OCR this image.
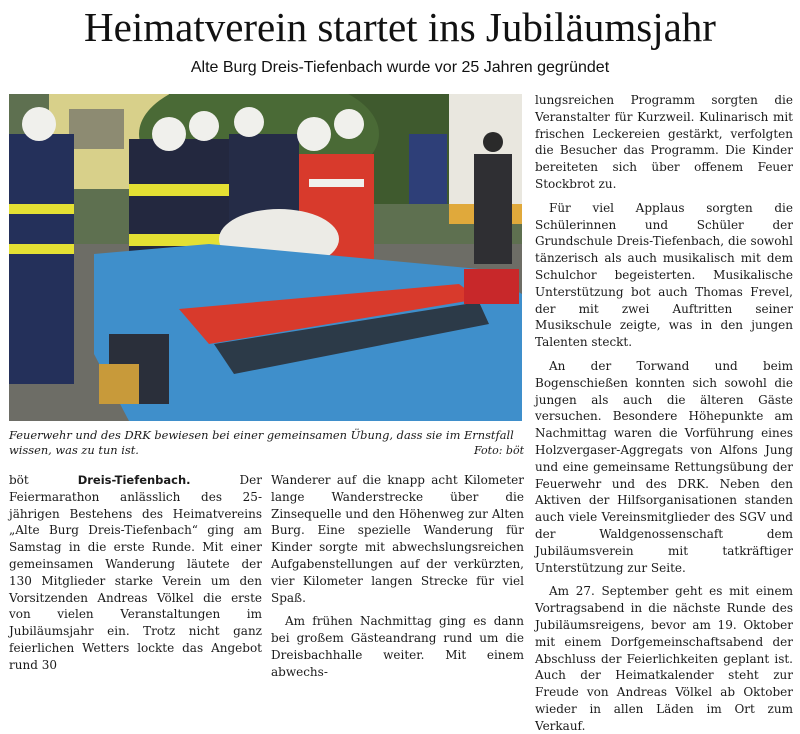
Heimatverein startet ins Jubiläumsjahr
Alte Burg Dreis-Tiefenbach wurde vor 25 Jahren gegründet
Feuerwehr und des DRK bewiesen bei einer gemeinsamen Übung, dass sie im Ernstfall wissen, was zu tun ist.	Foto: böt

böt	Dreis-Tiefenbach.	Der Feiermarathon anlässlich des 25-jährigen Bestehens des Heimatvereins „Alte Burg Dreis-Tiefenbach“ ging am Samstag in die erste Runde. Mit einer gemeinsamen Wanderung läutete der 130 Mitglieder starke Verein um den Vorsitzenden Andreas Völkel die erste von vielen Veranstaltungen im Jubiläumsjahr ein. Trotz nicht ganz feierlichen Wetters lockte das Angebot rund 30

Wanderer auf die knapp acht Kilometer lange Wanderstrecke über die Zinsequelle und den Höhenweg zur Alten Burg. Eine spezielle Wanderung für Kinder sorgte mit abwechslungsreichen Aufgabenstellungen auf der verkürzten, vier Kilometer langen Strecke für viel Spaß.

Am frühen Nachmittag ging es dann bei großem Gästeandrang rund um die Dreisbachhalle weiter. Mit einem abwechs-

lungsreichen Programm sorgten die Veranstalter für Kurzweil. Kulinarisch mit frischen Leckereien gestärkt, verfolgten die Besucher das Programm. Die Kinder bereiteten sich über offenem Feuer Stockbrot zu.

Für viel Applaus sorgten die Schülerinnen und Schüler der Grundschule Dreis-Tiefenbach, die sowohl tänzerisch als auch musikalisch mit dem Schulchor begeisterten. Musikalische Unterstützung bot auch Thomas Frevel, der mit zwei Auftritten seiner Musikschule zeigte, was in den jungen Talenten steckt.

An der Torwand und beim Bogenschießen konnten sich sowohl die jungen als auch die älteren Gäste versuchen. Besondere Höhepunkte am Nachmittag waren die Vorführung eines Holzvergaser-Aggregats von Alfons Jung und eine gemeinsame Rettungsübung der Feuerwehr und des DRK. Neben den Aktiven der Hilfsorganisationen standen auch viele Vereinsmitglieder des SGV und der Waldgenossenschaft dem Jubiläumsverein mit tatkräftiger Unterstützung zur Seite.

Am 27. September geht es mit einem Vortragsabend in die nächste Runde des Jubiläumsreigens, bevor am 19. Oktober mit einem Dorfgemeinschaftsabend der Abschluss der Feierlichkeiten geplant ist. Auch der Heimatkalender steht zur Freude von Andreas Völkel ab Oktober wieder in allen Läden im Ort zum Verkauf.
